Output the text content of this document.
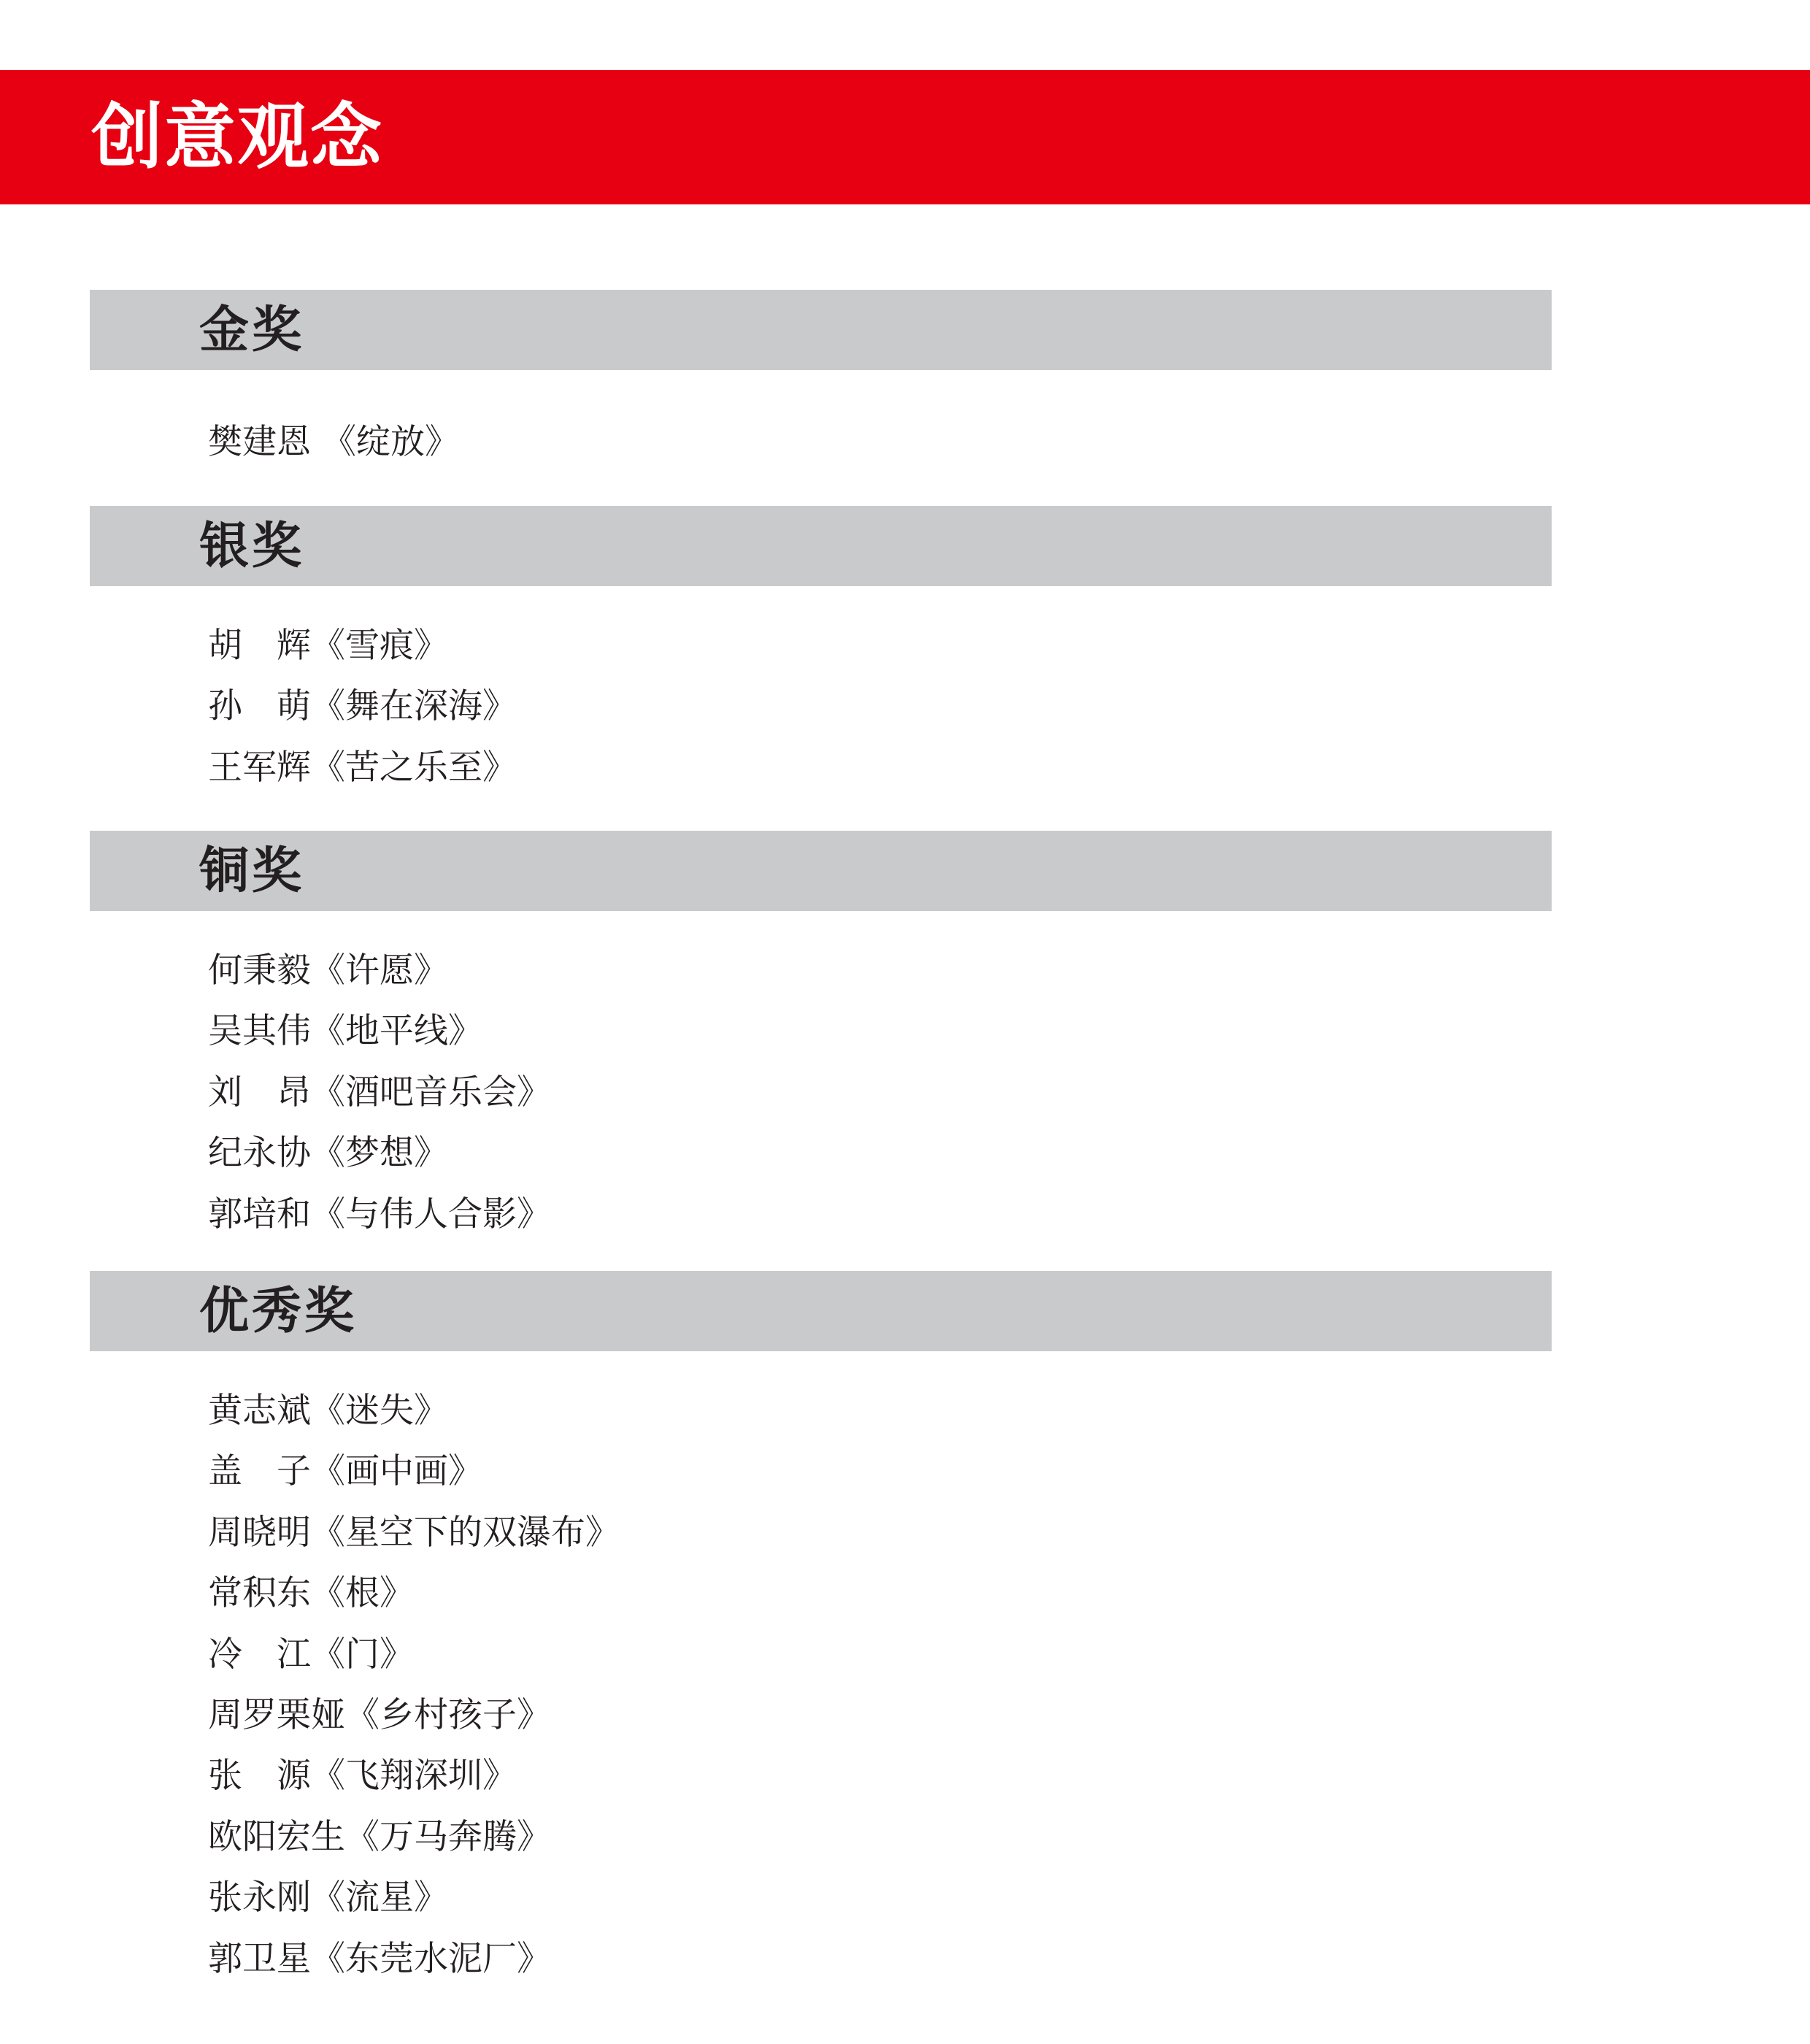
创意观念
金奖
樊建恩 《绽放》
银奖
胡　辉《雪痕》
孙　萌《舞在深海》
王军辉《苦之乐至》
铜奖
何秉毅《许愿》
吴其伟《地平线》
刘　昂《酒吧音乐会》
纪永协《梦想》
郭培和《与伟人合影》
优秀奖
黄志斌《迷失》
盖　子《画中画》
周晓明《星空下的双瀑布》
常积东《根》
冷　江《门》
周罗栗娅《乡村孩子》
张　源《飞翔深圳》
欧阳宏生《万马奔腾》
张永刚《流星》
郭卫星《东莞水泥厂》
